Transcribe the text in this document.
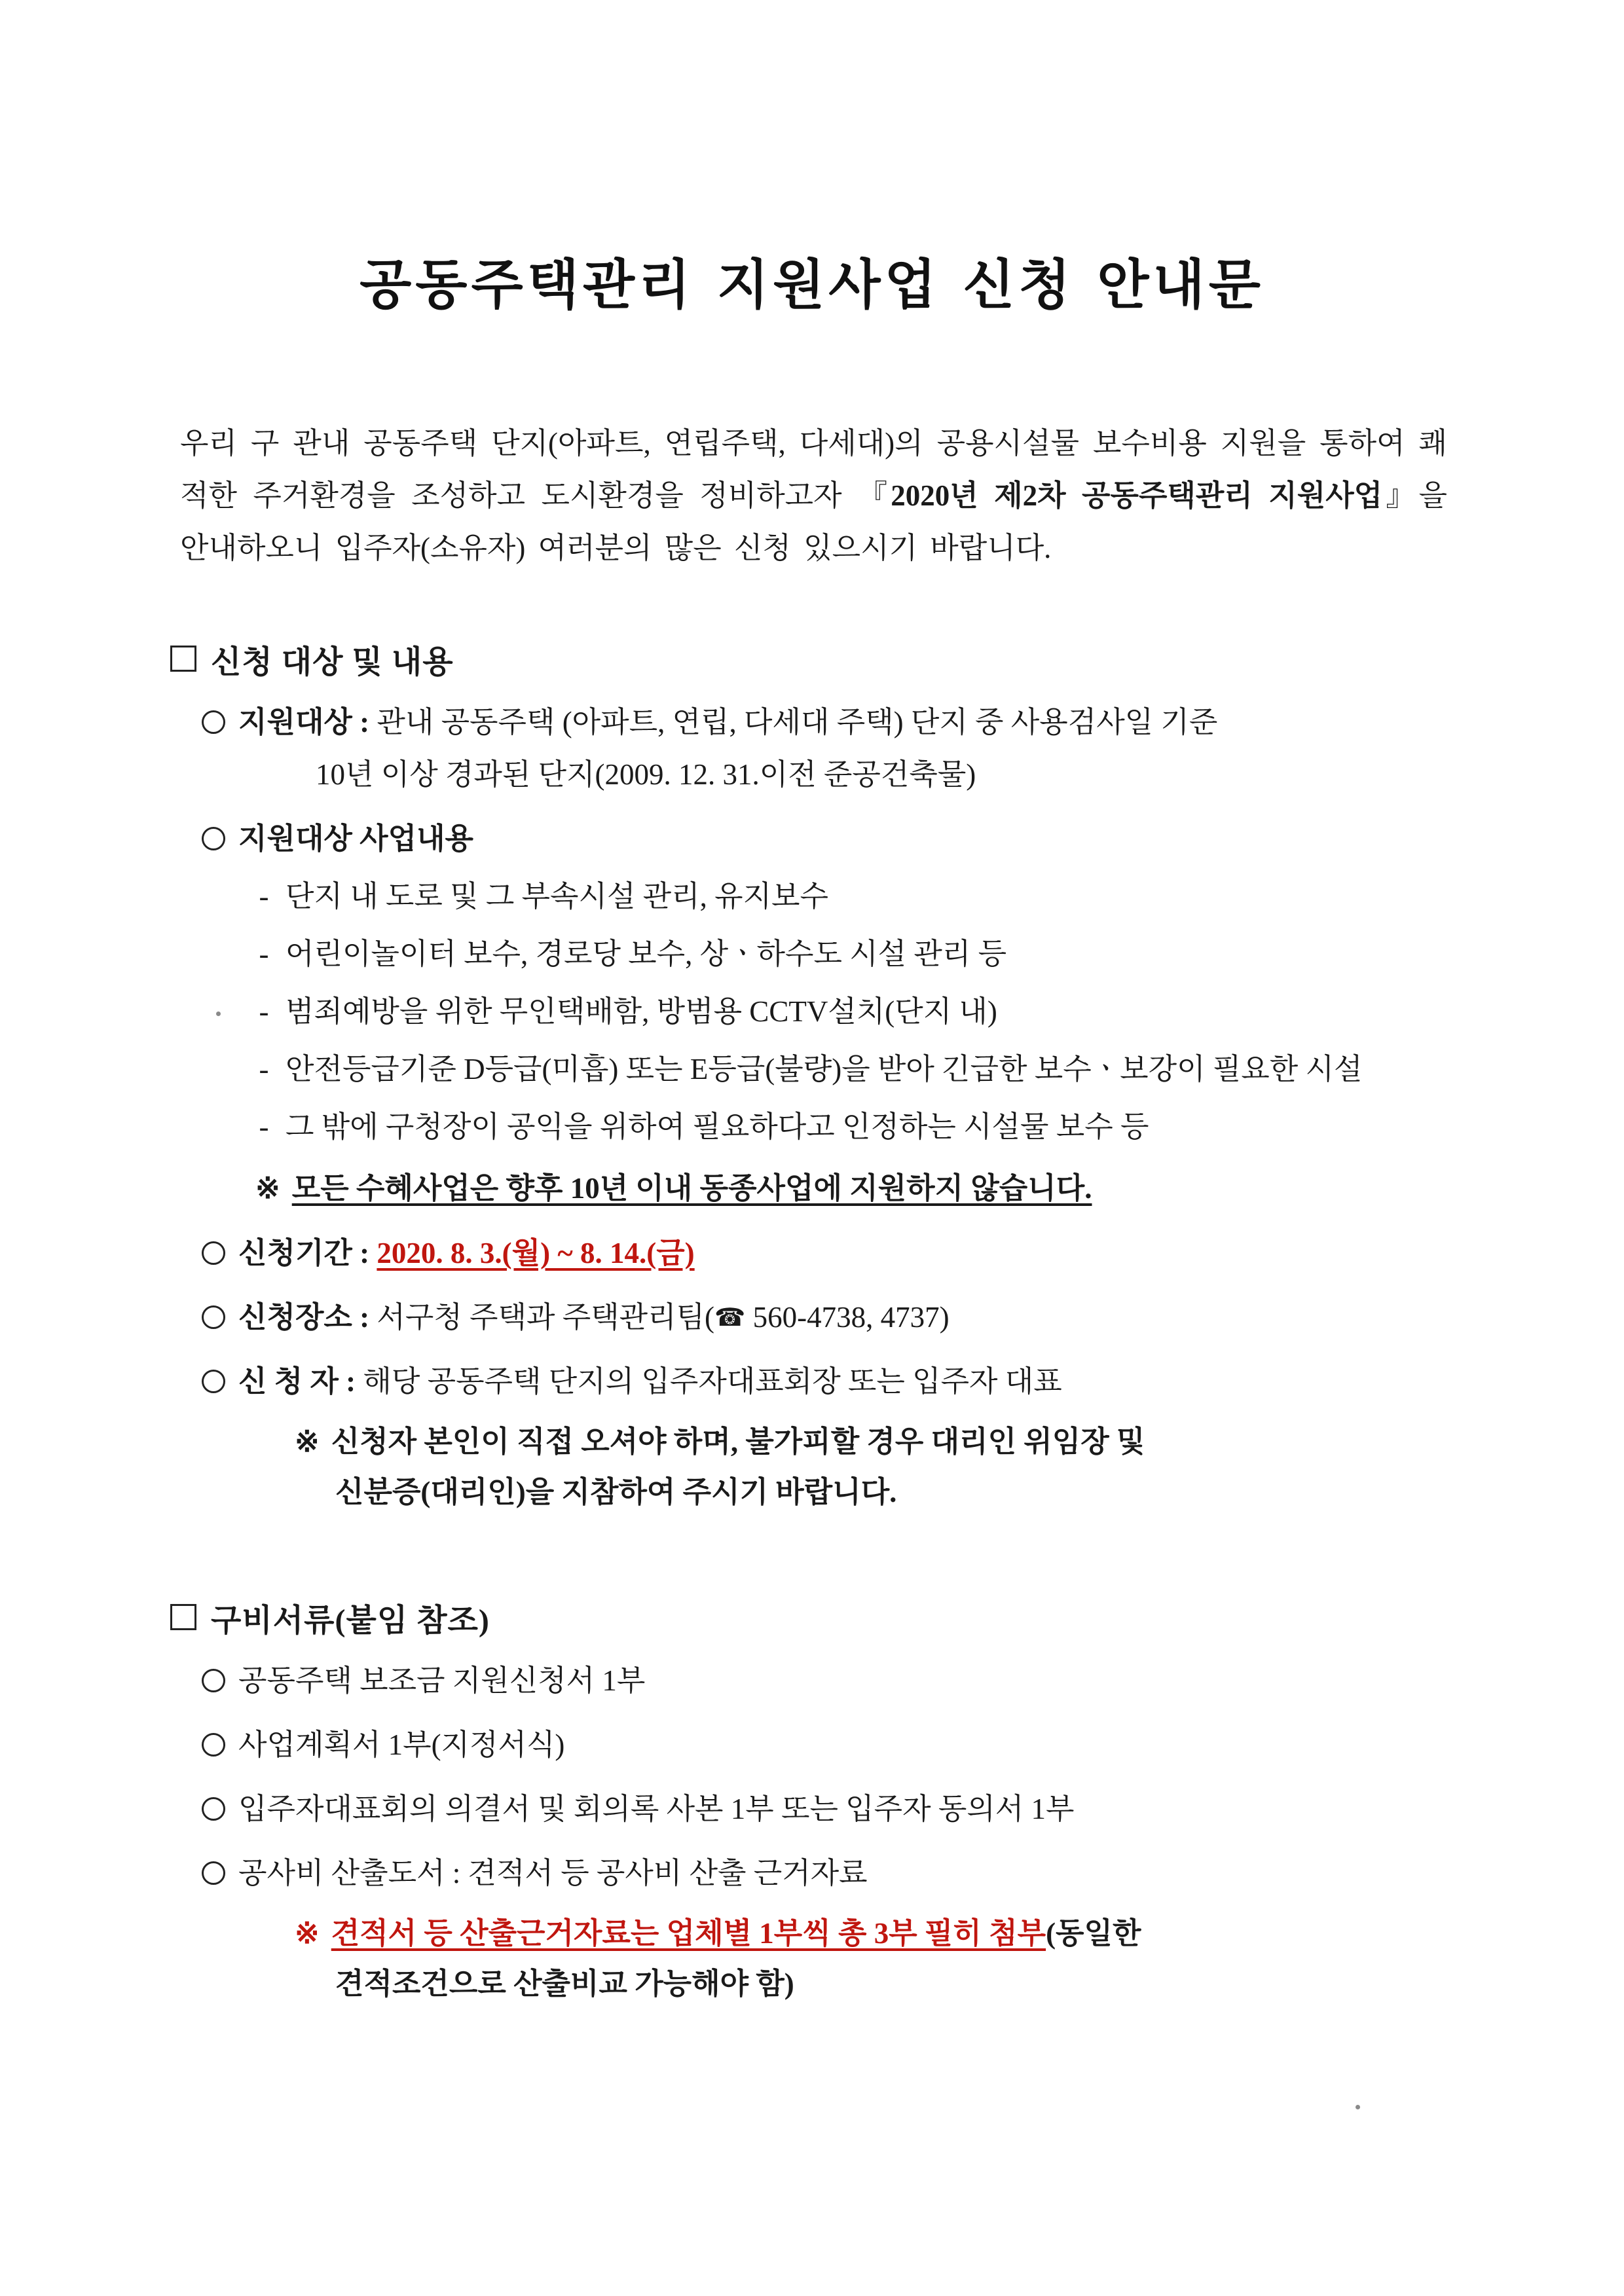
공동주택관리 지원사업 신청 안내문

우리 구 관내 공동주택 단지(아파트, 연립주택, 다세대)의 공용시설물 보수비용 지원을 통하여 쾌적한 주거환경을 조성하고 도시환경을 정비하고자 『2020년 제2차 공동주택관리 지원사업』을 안내하오니 입주자(소유자) 여러분의 많은 신청 있으시기 바랍니다.

신청 대상 및 내용
지원대상 : 관내 공동주택 (아파트, 연립, 다세대 주택) 단지 중 사용검사일 기준
10년 이상 경과된 단지(2009. 12. 31.이전 준공건축물)
지원대상 사업내용
- 단지 내 도로 및 그 부속시설 관리, 유지보수
- 어린이놀이터 보수, 경로당 보수, 상ㆍ하수도 시설 관리 등
- 범죄예방을 위한 무인택배함, 방범용 CCTV설치(단지 내)
- 안전등급기준 D등급(미흡) 또는 E등급(불량)을 받아 긴급한 보수ㆍ보강이 필요한 시설
- 그 밖에 구청장이 공익을 위하여 필요하다고 인정하는 시설물 보수 등
※ 모든 수혜사업은 향후 10년 이내 동종사업에 지원하지 않습니다.
신청기간 : 2020. 8. 3.(월) ~ 8. 14.(금)
신청장소 : 서구청 주택과 주택관리팀(☎ 560-4738, 4737)
신 청 자 : 해당 공동주택 단지의 입주자대표회장 또는 입주자 대표
※ 신청자 본인이 직접 오셔야 하며, 불가피할 경우 대리인 위임장 및
신분증(대리인)을 지참하여 주시기 바랍니다.
구비서류(붙임 참조)
공동주택 보조금 지원신청서 1부
사업계획서 1부(지정서식)
입주자대표회의 의결서 및 회의록 사본 1부 또는 입주자 동의서 1부
공사비 산출도서 : 견적서 등 공사비 산출 근거자료
※ 견적서 등 산출근거자료는 업체별 1부씩 총 3부 필히 첨부(동일한
견적조건으로 산출비교 가능해야 함)
